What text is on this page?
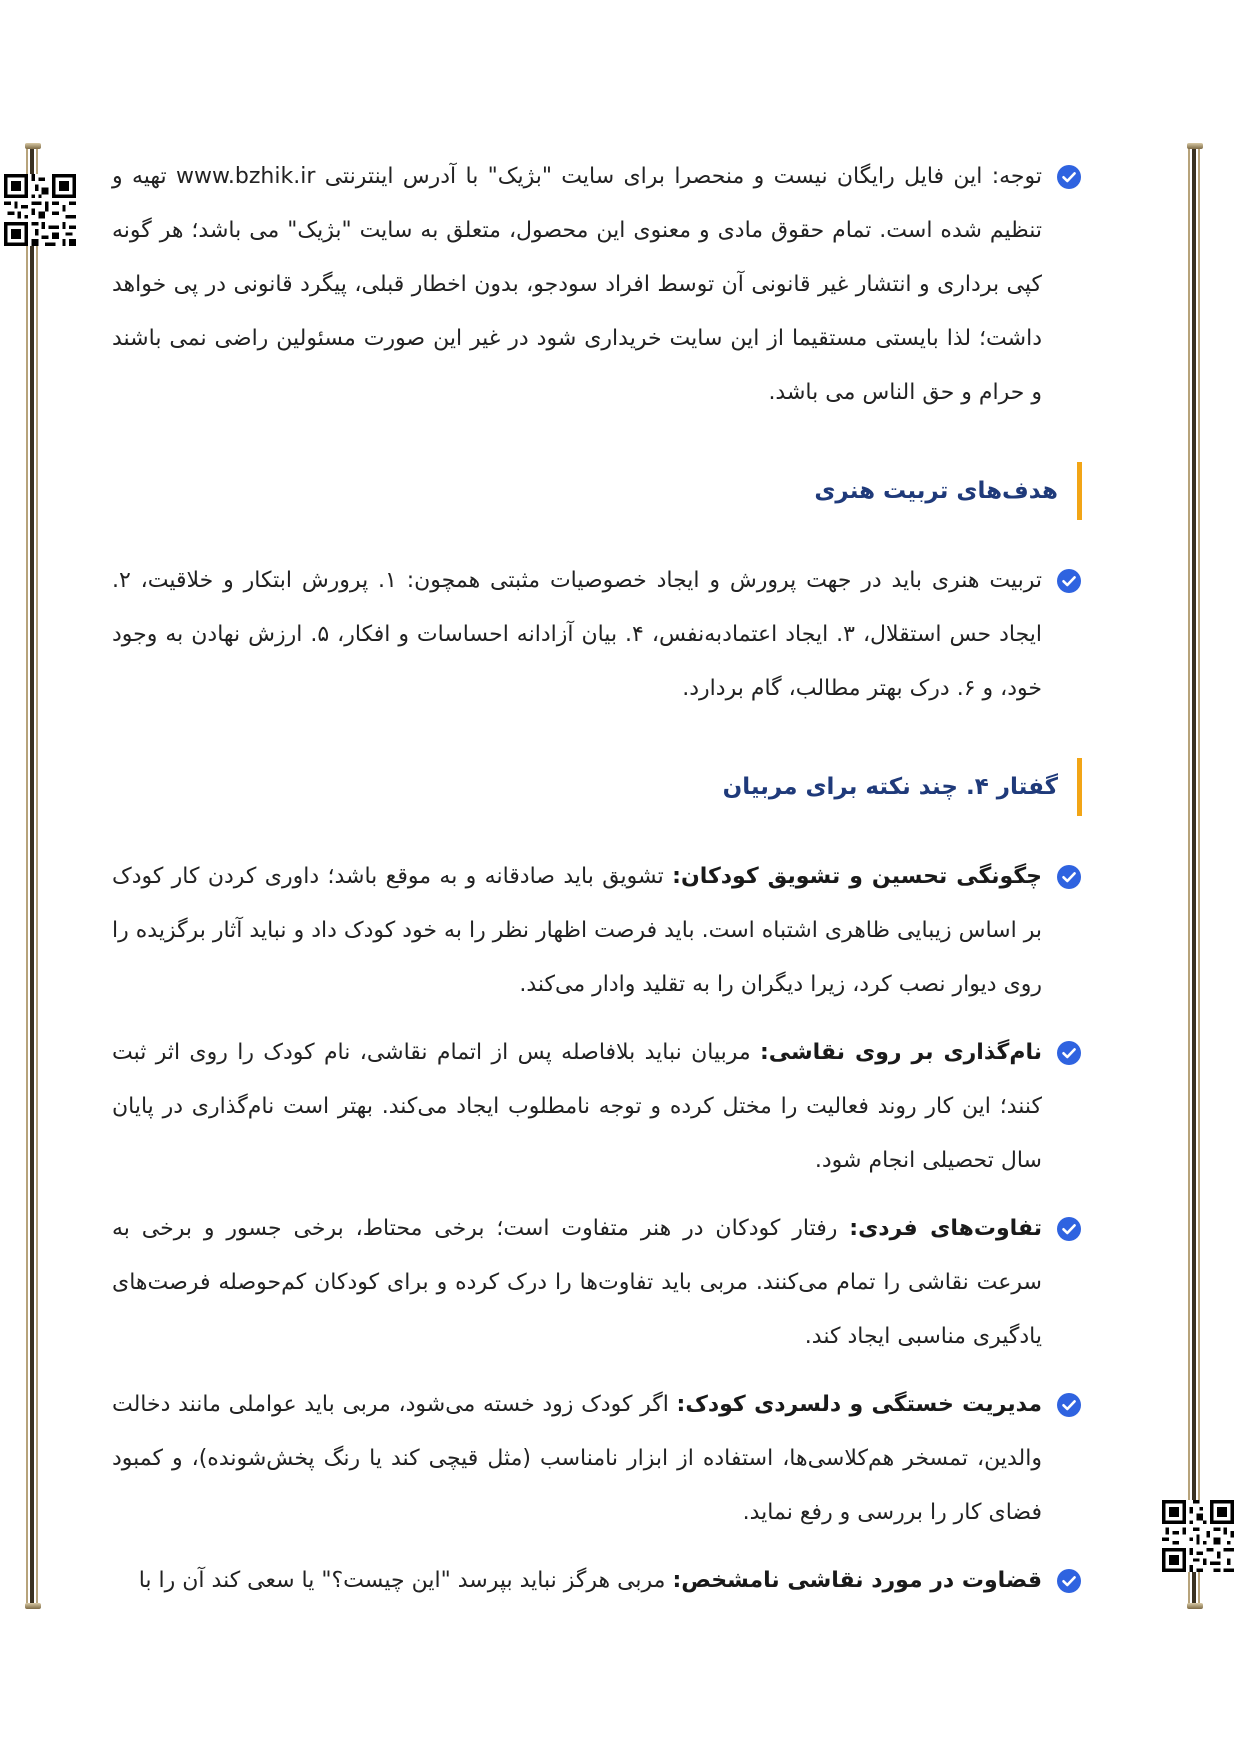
توجه: این فایل رایگان نیست و منحصرا برای سایت "بژیک" با آدرس اینترنتی www.bzhik.ir تهیه و تنظیم شده است. تمام حقوق مادی و معنوی این محصول، متعلق به سایت "بژیک" می باشد؛ هر گونه کپی برداری و انتشار غیر قانونی آن توسط افراد سودجو، بدون اخطار قبلی، پیگرد قانونی در پی خواهد داشت؛ لذا بایستی مستقیما از این سایت خریداری شود در غیر این صورت مسئولین راضی نمی باشند و حرام و حق الناس می باشد.

هدف‌های تربیت هنری

تربیت هنری باید در جهت پرورش و ایجاد خصوصیات مثبتی همچون: ۱. پرورش ابتکار و خلاقیت، ۲. ایجاد حس استقلال، ۳. ایجاد اعتمادبه‌نفس، ۴. بیان آزادانه احساسات و افکار، ۵. ارزش نهادن به وجود خود، و ۶. درک بهتر مطالب، گام بردارد.

گفتار ۴. چند نکته برای مربیان

چگونگی تحسین و تشویق کودکان: تشویق باید صادقانه و به موقع باشد؛ داوری کردن کار کودک بر اساس زیبایی ظاهری اشتباه است. باید فرصت اظهار نظر را به خود کودک داد و نباید آثار برگزیده را روی دیوار نصب کرد، زیرا دیگران را به تقلید وادار می‌کند.

نام‌گذاری بر روی نقاشی: مربیان نباید بلافاصله پس از اتمام نقاشی، نام کودک را روی اثر ثبت کنند؛ این کار روند فعالیت را مختل کرده و توجه نامطلوب ایجاد می‌کند. بهتر است نام‌گذاری در پایان سال تحصیلی انجام شود.

تفاوت‌های فردی: رفتار کودکان در هنر متفاوت است؛ برخی محتاط، برخی جسور و برخی به سرعت نقاشی را تمام می‌کنند. مربی باید تفاوت‌ها را درک کرده و برای کودکان کم‌حوصله فرصت‌های یادگیری مناسبی ایجاد کند.

مدیریت خستگی و دلسردی کودک: اگر کودک زود خسته می‌شود، مربی باید عواملی مانند دخالت والدین، تمسخر هم‌کلاسی‌ها، استفاده از ابزار نامناسب (مثل قیچی کند یا رنگ پخش‌شونده)، و کمبود فضای کار را بررسی و رفع نماید.

قضاوت در مورد نقاشی نامشخص: مربی هرگز نباید بپرسد "این چیست؟" یا سعی کند آن را با
